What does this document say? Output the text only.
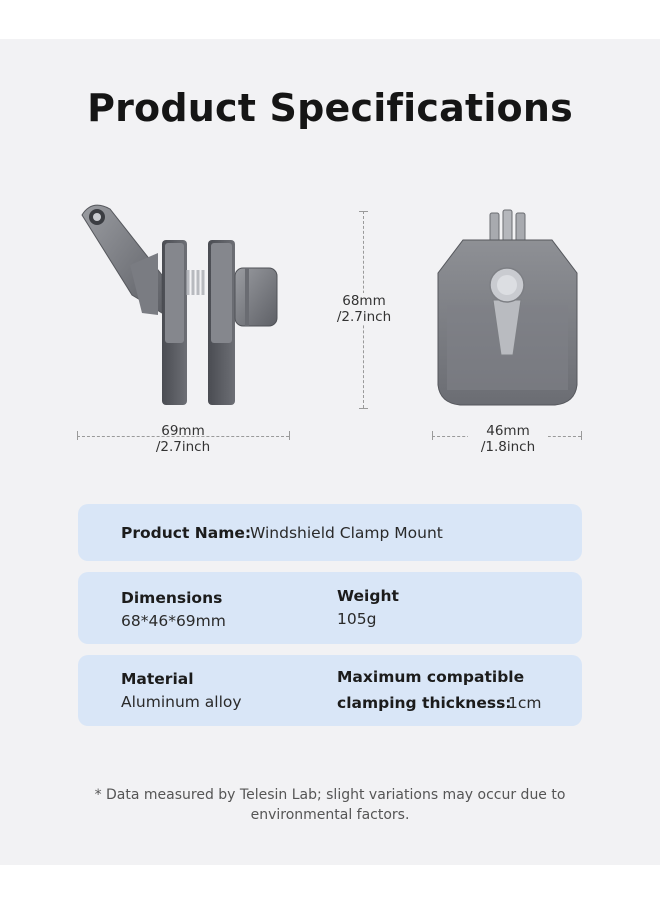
Product Specifications
69mm
/2.7inch
68mm
/2.7inch
46mm
/1.8inch
Product Name:
Windshield Clamp Mount
Dimensions
68*46*69mm
Weight
105g
Material
Aluminum alloy
Maximum compatible
clamping thickness:
1cm
* Data measured by Telesin Lab; slight variations may occur due to
environmental factors.
